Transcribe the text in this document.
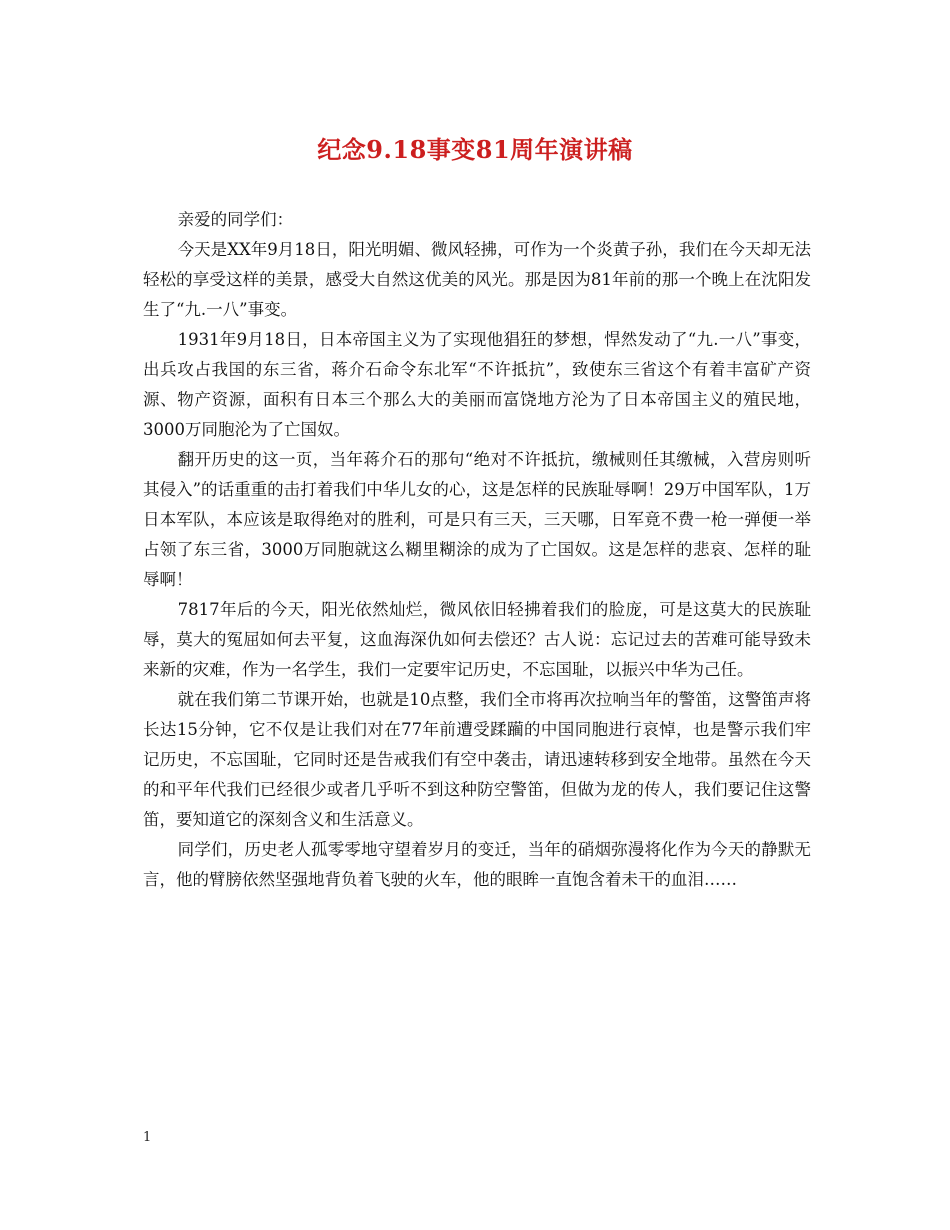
纪念9.18事变81周年演讲稿

亲爱的同学们：

今天是XX年9月18日，阳光明媚、微风轻拂，可作为一个炎黄子孙，我们在今天却无法轻松的享受这样的美景，感受大自然这优美的风光。那是因为81年前的那一个晚上在沈阳发生了“九.一八”事变。

1931年9月18日，日本帝国主义为了实现他猖狂的梦想，悍然发动了“九.一八”事变，出兵攻占我国的东三省，蒋介石命令东北军“不许抵抗”，致使东三省这个有着丰富矿产资源、物产资源，面积有日本三个那么大的美丽而富饶地方沦为了日本帝国主义的殖民地，3000万同胞沦为了亡国奴。

翻开历史的这一页，当年蒋介石的那句“绝对不许抵抗，缴械则任其缴械，入营房则听其侵入”的话重重的击打着我们中华儿女的心，这是怎样的民族耻辱啊！29万中国军队，1万日本军队，本应该是取得绝对的胜利，可是只有三天，三天哪，日军竟不费一枪一弹便一举占领了东三省，3000万同胞就这么糊里糊涂的成为了亡国奴。这是怎样的悲哀、怎样的耻辱啊！

7817年后的今天，阳光依然灿烂，微风依旧轻拂着我们的脸庞，可是这莫大的民族耻辱，莫大的冤屈如何去平复，这血海深仇如何去偿还？古人说：忘记过去的苦难可能导致未来新的灾难，作为一名学生，我们一定要牢记历史，不忘国耻，以振兴中华为己任。

就在我们第二节课开始，也就是10点整，我们全市将再次拉响当年的警笛，这警笛声将长达15分钟，它不仅是让我们对在77年前遭受蹂躏的中国同胞进行哀悼，也是警示我们牢记历史，不忘国耻，它同时还是告戒我们有空中袭击，请迅速转移到安全地带。虽然在今天的和平年代我们已经很少或者几乎听不到这种防空警笛，但做为龙的传人，我们要记住这警笛，要知道它的深刻含义和生活意义。

同学们，历史老人孤零零地守望着岁月的变迁，当年的硝烟弥漫将化作为今天的静默无言，他的臂膀依然坚强地背负着飞驶的火车，他的眼眸一直饱含着未干的血泪……

1
